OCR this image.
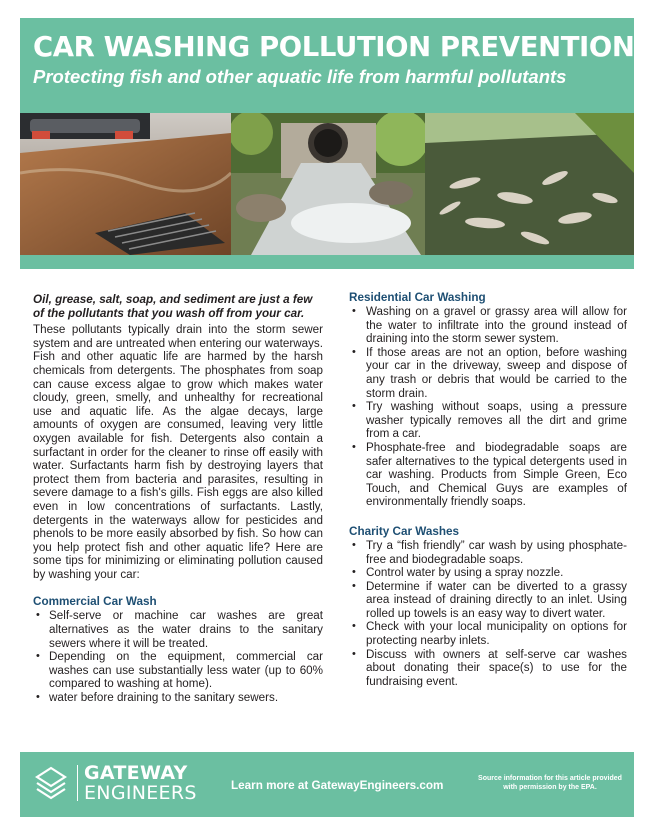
CAR WASHING POLLUTION PREVENTION
Protecting fish and other aquatic life from harmful pollutants

Oil, grease, salt, soap, and sediment are just a few of the pollutants that you wash off from your car.

These pollutants typically drain into the storm sewer system and are untreated when entering our waterways. Fish and other aquatic life are harmed by the harsh chemicals from detergents. The phosphates from soap can cause excess algae to grow which makes water cloudy, green, smelly, and unhealthy for recreational use and aquatic life. As the algae decays, large amounts of oxygen are consumed, leaving very little oxygen available for fish. Detergents also contain a surfactant in order for the cleaner to rinse off easily with water. Surfactants harm fish by destroying layers that protect them from bacteria and parasites, resulting in severe damage to a fish's gills. Fish eggs are also killed even in low concentrations of surfactants. Lastly, detergents in the waterways allow for pesticides and phenols to be more easily absorbed by fish. So how can you help protect fish and other aquatic life? Here are some tips for minimizing or eliminating pollution caused by washing your car:

Commercial Car Wash
• Self-serve or machine car washes are great alternatives as the water drains to the sanitary sewers where it will be treated.
• Depending on the equipment, commercial car washes can use substantially less water (up to 60% compared to washing at home).
• water before draining to the sanitary sewers.
Residential Car Washing
• Washing on a gravel or grassy area will allow for the water to infiltrate into the ground instead of draining into the storm sewer system.
• If those areas are not an option, before washing your car in the driveway, sweep and dispose of any trash or debris that would be carried to the storm drain.
• Try washing without soaps, using a pressure washer typically removes all the dirt and grime from a car.
• Phosphate-free and biodegradable soaps are safer alternatives to the typical detergents used in car washing. Products from Simple Green, Eco Touch, and Chemical Guys are examples of environmentally friendly soaps.
Charity Car Washes
• Try a “fish friendly” car wash by using phosphate-free and biodegradable soaps.
• Control water by using a spray nozzle.
• Determine if water can be diverted to a grassy area instead of draining directly to an inlet. Using rolled up towels is an easy way to divert water.
• Check with your local municipality on options for protecting nearby inlets.
• Discuss with owners at self-serve car washes about donating their space(s) to use for the fundraising event.
GATEWAY
ENGINEERS	Learn more at GatewayEngineers.com
Source information for this article provided with permission by the EPA.
